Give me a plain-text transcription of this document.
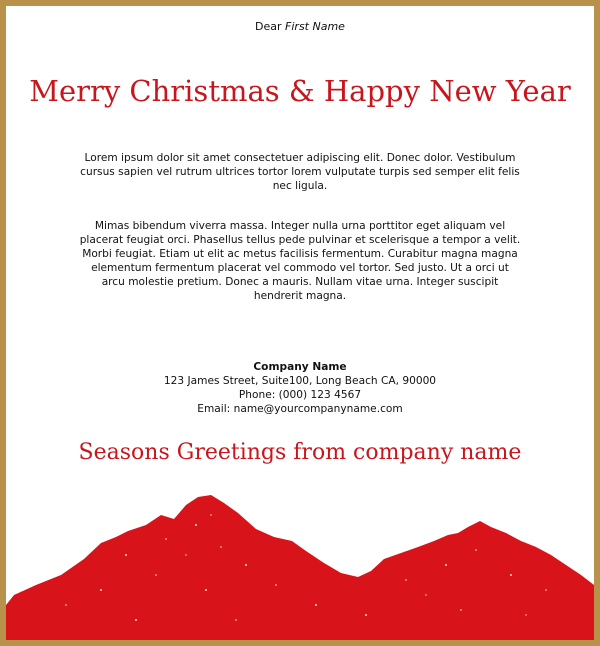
Dear First Name
Merry Christmas & Happy New Year
Lorem ipsum dolor sit amet consectetuer adipiscing elit. Donec dolor. Vestibulum cursus sapien vel rutrum ultrices tortor lorem vulputate turpis sed semper elit felis nec ligula.
Mimas bibendum viverra massa. Integer nulla urna porttitor eget aliquam vel placerat feugiat orci. Phasellus tellus pede pulvinar et scelerisque a tempor a velit. Morbi feugiat. Etiam ut elit ac metus facilisis fermentum. Curabitur magna magna elementum fermentum placerat vel commodo vel tortor. Sed justo. Ut a orci ut arcu molestie pretium. Donec a mauris. Nullam vitae urna. Integer suscipit hendrerit magna.
Company Name
123 James Street, Suite100, Long Beach CA, 90000
Phone: (000) 123 4567
Email: name@yourcompanyname.com
Seasons Greetings from company name
